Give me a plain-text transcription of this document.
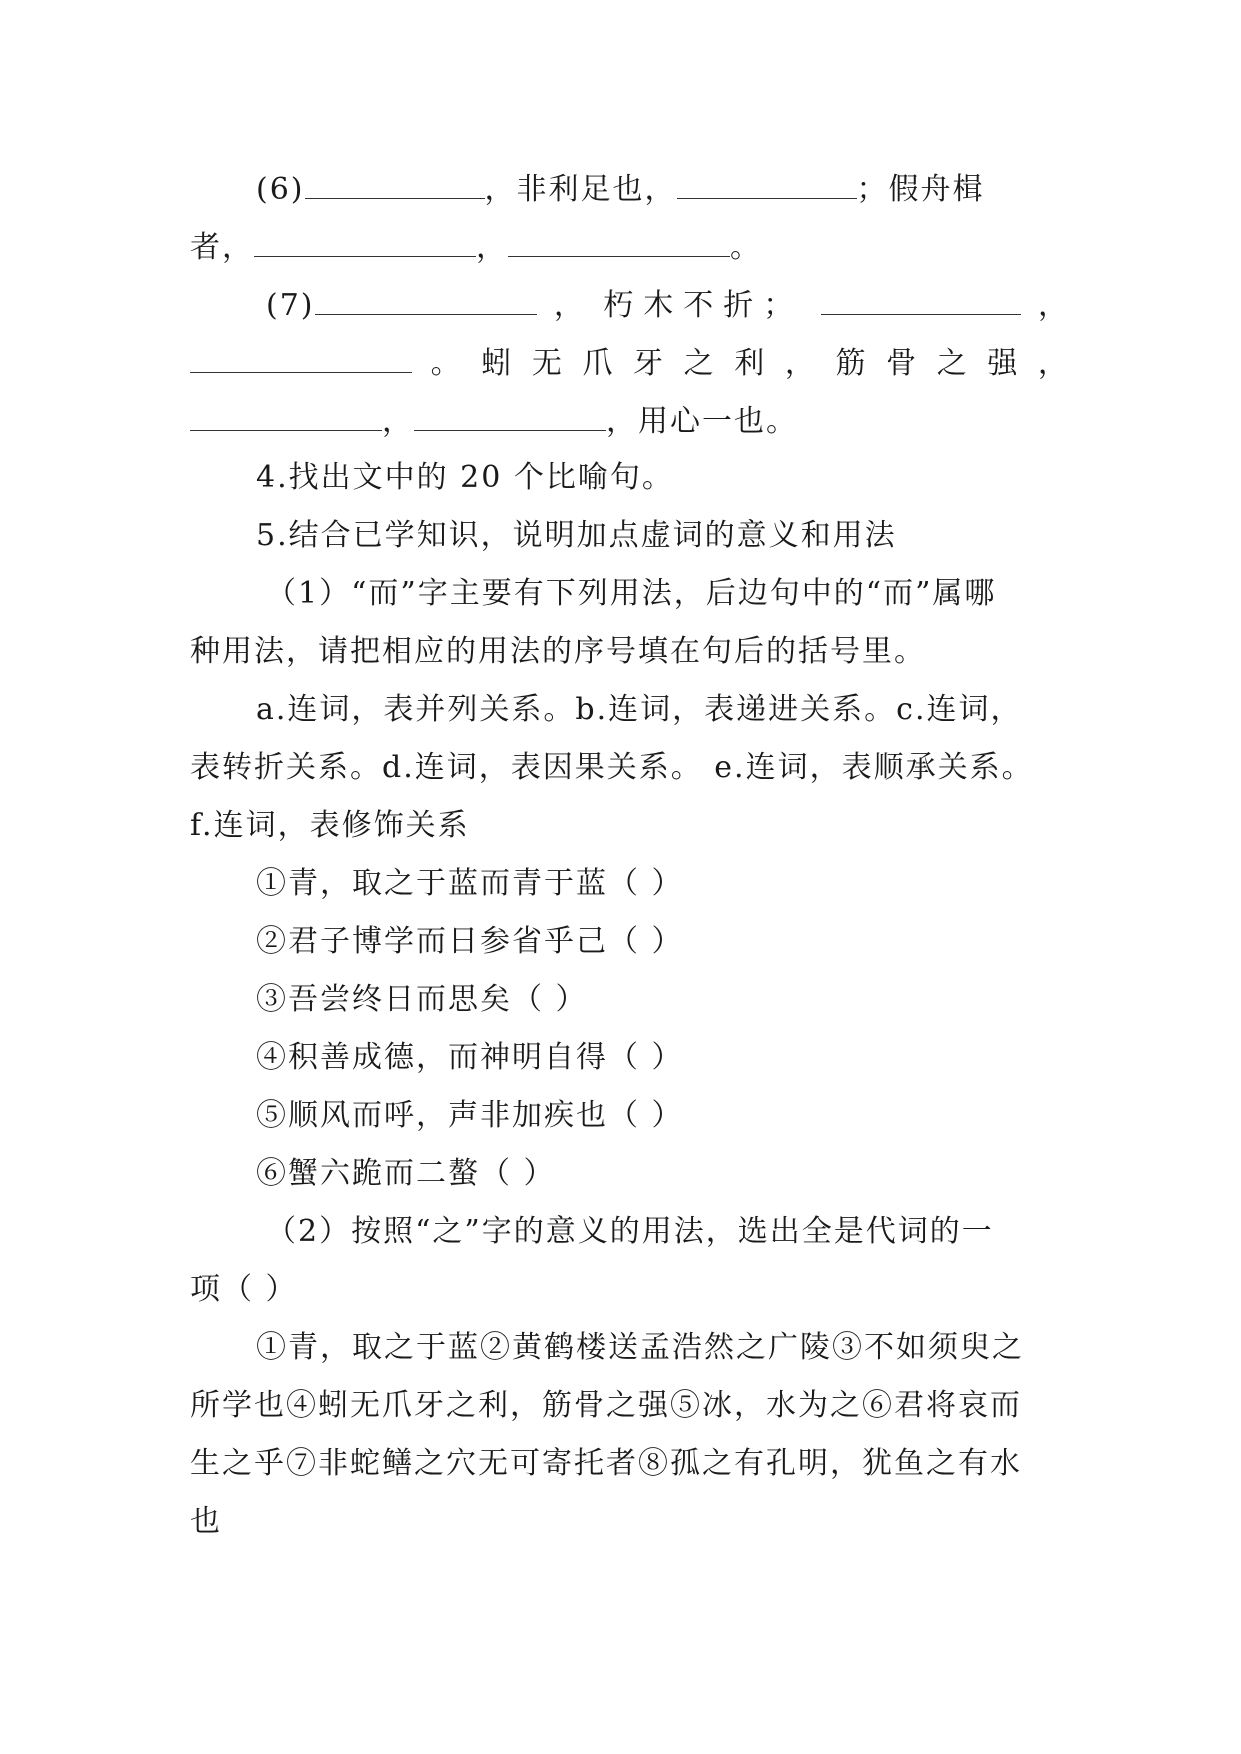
(6)	，非利足也，	；假舟楫
者，	，	。
(7)	， 朽木不折；	，
。 蚓 无 爪 牙 之 利 ， 筋 骨 之 强 ，
，	，用心一也。
4.找出文中的 20 个比喻句。
5.结合已学知识，说明加点虚词的意义和用法
（1）“而”字主要有下列用法，后边句中的“而”属哪
种用法，请把相应的用法的序号填在句后的括号里。
a.连词，表并列关系。b.连词，表递进关系。c.连词，
表转折关系。d.连词，表因果关系。 e.连词，表顺承关系。
f.连词，表修饰关系
①青，取之于蓝而青于蓝（ ）
②君子博学而日参省乎己（ ）
③吾尝终日而思矣（ ）
④积善成德，而神明自得（ ）
⑤顺风而呼，声非加疾也（ ）
⑥蟹六跪而二螯（ ）
（2）按照“之”字的意义的用法，选出全是代词的一
项（ ）
①青，取之于蓝②黄鹤楼送孟浩然之广陵③不如须臾之
所学也④蚓无爪牙之利，筋骨之强⑤冰，水为之⑥君将哀而
生之乎⑦非蛇鳝之穴无可寄托者⑧孤之有孔明，犹鱼之有水
也
